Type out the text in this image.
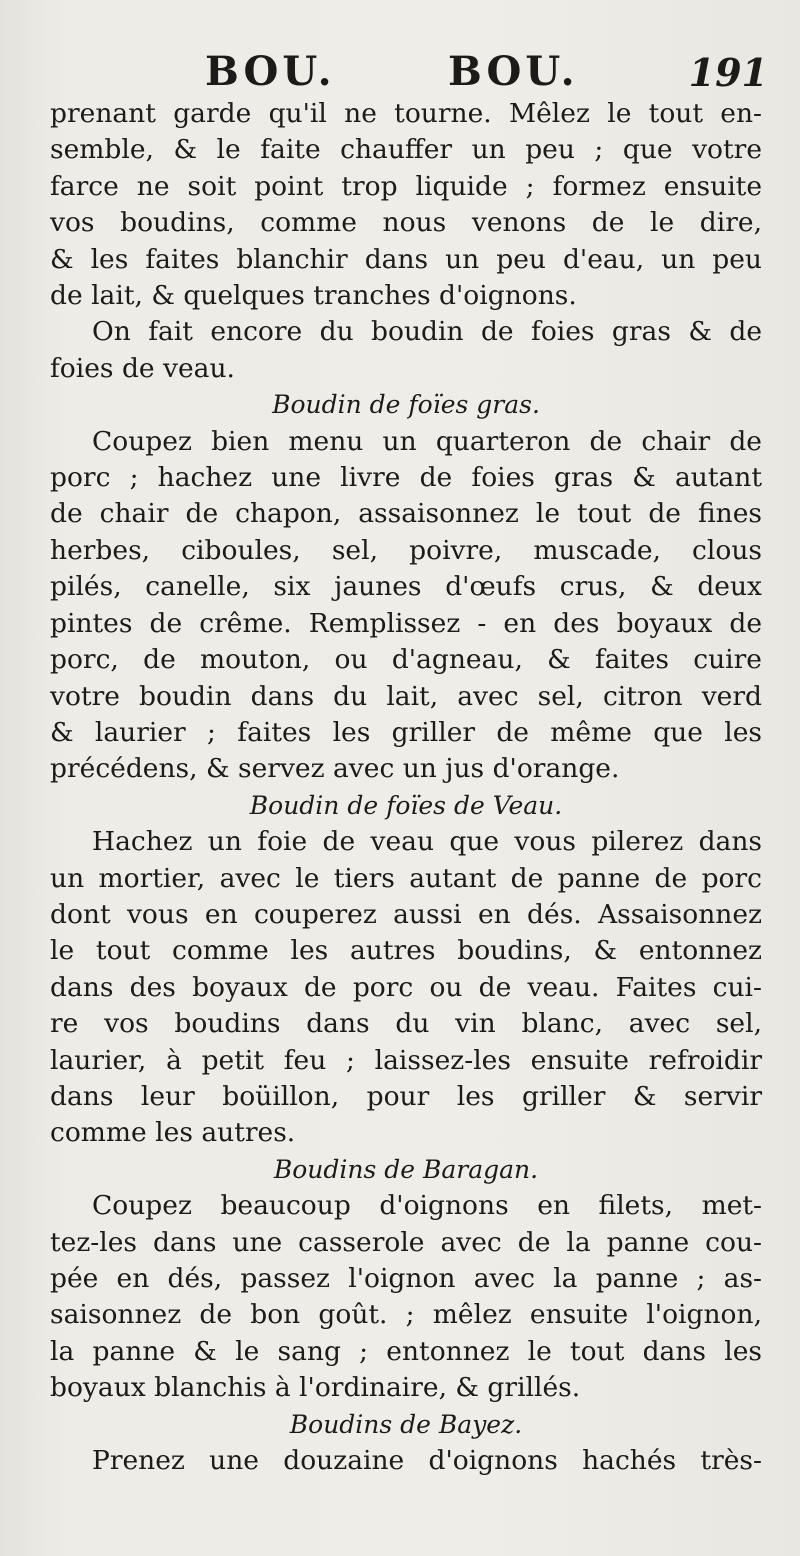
BOU.	BOU.	191
prenant garde qu'il ne tourne. Mêlez le tout en-
semble, & le faite chauffer un peu ; que votre
farce ne soit point trop liquide ; formez ensuite
vos boudins, comme nous venons de le dire,
& les faites blanchir dans un peu d'eau, un peu
de lait, & quelques tranches d'oignons.
On fait encore du boudin de foies gras & de
foies de veau.
Boudin de foïes gras.
Coupez bien menu un quarteron de chair de
porc ; hachez une livre de foies gras & autant
de chair de chapon, assaisonnez le tout de fines
herbes, ciboules, sel, poivre, muscade, clous
pilés, canelle, six jaunes d'œufs crus, & deux
pintes de crême. Remplissez - en des boyaux de
porc, de mouton, ou d'agneau, & faites cuire
votre boudin dans du lait, avec sel, citron verd
& laurier ; faites les griller de même que les
précédens, & servez avec un jus d'orange.
Boudin de foïes de Veau.
Hachez un foie de veau que vous pilerez dans
un mortier, avec le tiers autant de panne de porc
dont vous en couperez aussi en dés. Assaisonnez
le tout comme les autres boudins, & entonnez
dans des boyaux de porc ou de veau. Faites cui-
re vos boudins dans du vin blanc, avec sel,
laurier, à petit feu ; laissez-les ensuite refroidir
dans leur boüillon, pour les griller & servir
comme les autres.
Boudins de Baragan.
Coupez beaucoup d'oignons en filets, met-
tez-les dans une casserole avec de la panne cou-
pée en dés, passez l'oignon avec la panne ; as-
saisonnez de bon goût. ; mêlez ensuite l'oignon,
la panne & le sang ; entonnez le tout dans les
boyaux blanchis à l'ordinaire, & grillés.
Boudins de Bayez.
Prenez une douzaine d'oignons hachés très-
